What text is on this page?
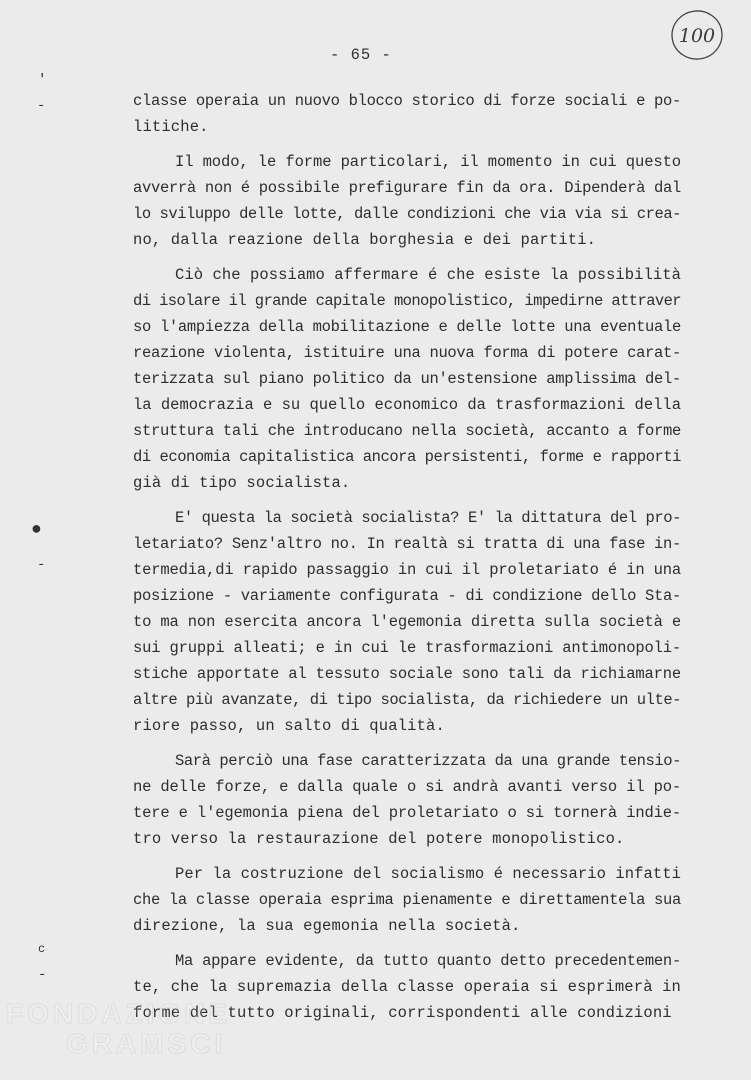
- 65 -
100
'
-
●
-
c
-
classe operaia un nuovo blocco storico di forze sociali e po-
litiche.
Il modo, le forme particolari, il momento in cui questo
avverrà non é possibile prefigurare fin da ora. Dipenderà dal
lo sviluppo delle lotte, dalle condizioni che via via si crea-
no, dalla reazione della borghesia e dei partiti.
Ciò che possiamo affermare é che esiste la possibilità
di isolare il grande capitale monopolistico, impedirne attraver
so l'ampiezza della mobilitazione e delle lotte una eventuale
reazione violenta, istituire una nuova forma di potere carat-
terizzata sul piano politico da un'estensione amplissima del-
la democrazia e su quello economico da trasformazioni della
struttura tali che introducano nella società, accanto a forme
di economia capitalistica ancora persistenti, forme e rapporti
già di tipo socialista.
E' questa la società socialista? E' la dittatura del pro-
letariato? Senz'altro no. In realtà si tratta di una fase in-
termedia,di rapido passaggio in cui il proletariato é in una
posizione - variamente configurata - di condizione dello Sta-
to ma non esercita ancora l'egemonia diretta sulla società e
sui gruppi alleati; e in cui le trasformazioni antimonopoli-
stiche apportate al tessuto sociale sono tali da richiamarne
altre più avanzate, di tipo socialista, da richiedere un ulte-
riore passo, un salto di qualità.
Sarà perciò una fase caratterizzata da una grande tensio-
ne delle forze, e dalla quale o si andrà avanti verso il po-
tere e l'egemonia piena del proletariato o si tornerà indie-
tro verso la restaurazione del potere monopolistico.
Per la costruzione del socialismo é necessario infatti
che la classe operaia esprima pienamente e direttamentela sua
direzione, la sua egemonia nella società.
Ma appare evidente, da tutto quanto detto precedentemen-
te, che la supremazia della classe operaia si esprimerà in
forme del tutto originali, corrispondenti alle condizioni
FONDAZIONE
GRAMSCI
